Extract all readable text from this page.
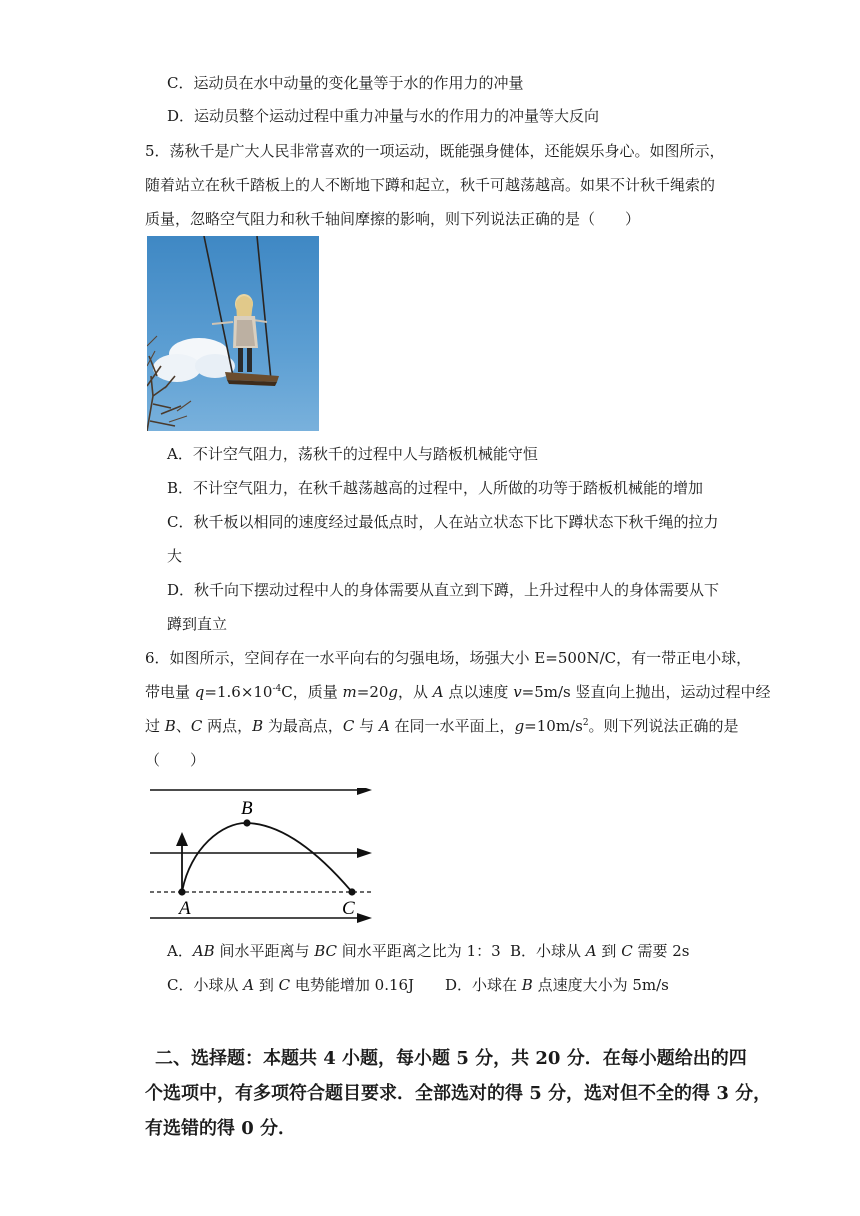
C．运动员在水中动量的变化量等于水的作用力的冲量
D．运动员整个运动过程中重力冲量与水的作用力的冲量等大反向
5．荡秋千是广大人民非常喜欢的一项运动，既能强身健体，还能娱乐身心。如图所示，
随着站立在秋千踏板上的人不断地下蹲和起立，秋千可越荡越高。如果不计秋千绳索的
质量，忽略空气阻力和秋千轴间摩擦的影响，则下列说法正确的是（　　）
A．不计空气阻力，荡秋千的过程中人与踏板机械能守恒
B．不计空气阻力，在秋千越荡越高的过程中，人所做的功等于踏板机械能的增加
C．秋千板以相同的速度经过最低点时，人在站立状态下比下蹲状态下秋千绳的拉力
大
D．秋千向下摆动过程中人的身体需要从直立到下蹲，上升过程中人的身体需要从下
蹲到直立
6．如图所示，空间存在一水平向右的匀强电场，场强大小 E=500N/C，有一带正电小球，
带电量 $q=1.6\times 10^{-4}C$，质量 m=20g，从 A 点以速度 v=5m/s 竖直向上抛出，运动过程中经
过 B、C 两点，B 为最高点，C 与 A 在同一水平面上，$g=10m/s^2$。则下列说法正确的是
（　　）
A
B
C
A．AB 间水平距离与 BC 间水平距离之比为 1：3 B．小球从 A 到 C 需要 2s
C．小球从 A 到 C 电势能增加 0.16J D．小球在 B 点速度大小为 5m/s
二、选择题：本题共 4 小题，每小题 5 分，共 20 分．在每小题给出的四
个选项中，有多项符合题目要求．全部选对的得 5 分，选对但不全的得 3 分，
有选错的得 0 分．
